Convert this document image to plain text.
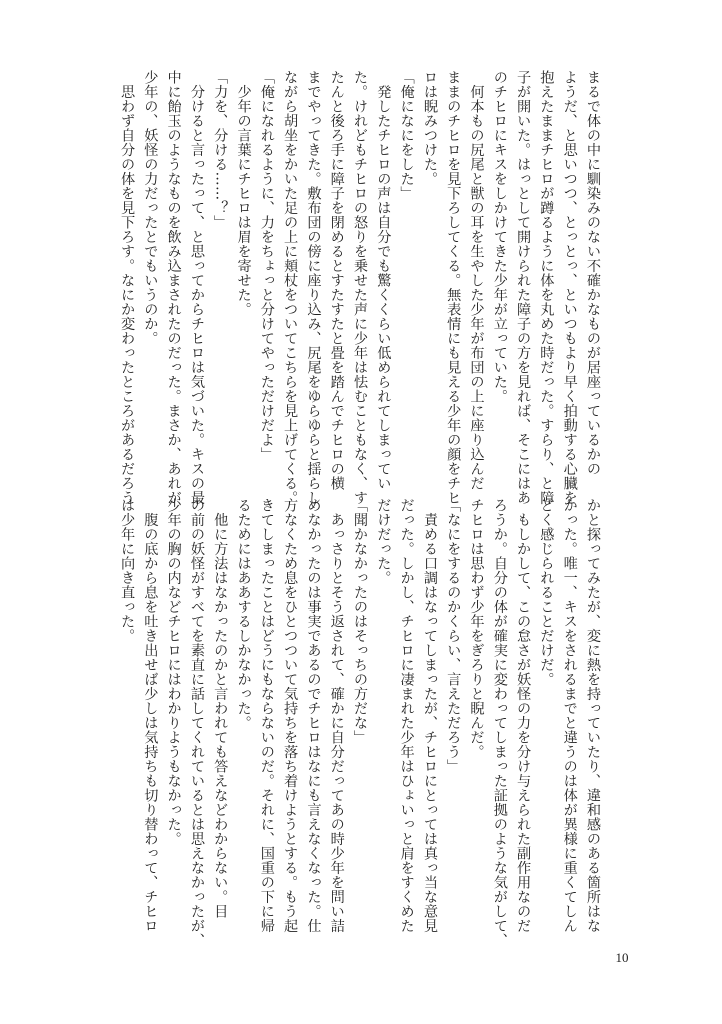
まるで体の中に馴染みのない不確かなものが居座っているかの
ようだ、と思いつつ、とっとっ、といつもより早く拍動する心臓を
抱えたままチヒロが蹲るように体を丸めた時だった。すらり、と障
子が開いた。はっとして開けられた障子の方を見れば、そこにはあ
のチヒロにキスをしかけてきた少年が立っていた。
　何本もの尻尾と獣の耳を生やした少年が布団の上に座り込んだ
ままのチヒロを見下ろしてくる。無表情にも見える少年の顔をチヒ
ロは睨みつけた。
「俺になにをした」
　発したチヒロの声は自分でも驚くくらい低められてしまってい
た。けれどもチヒロの怒りを乗せた声に少年は怯むこともなく、す
たんと後ろ手に障子を閉めるとすたすたと畳を踏んでチヒロの横
までやってきた。敷布団の傍に座り込み、尻尾をゆらゆらと揺らし
ながら胡坐をかいた足の上に頬杖をついてこちらを見上げてくる。
「俺になれるように、力をちょっと分けてやっただけだよ」
　少年の言葉にチヒロは眉を寄せた。
「力を、分ける……？」
　分けると言ったって、と思ってからチヒロは気づいた。キスの最
中に飴玉のようなものを飲み込まされたのだった。まさか、あれが
少年の、妖怪の力だったとでもいうのか。
　思わず自分の体を見下ろす。なにか変わったところがあるだろう
かと探ってみたが、変に熱を持っていたり、違和感のある箇所はな
かった。唯一、キスをされるまでと違うのは体が異様に重くてしん
どく感じられることだけだ。
　もしかして、この怠さが妖怪の力を分け与えられた副作用なのだ
ろうか。自分の体が確実に変わってしまった証拠のような気がして、
チヒロは思わず少年をぎろりと睨んだ。
「なにをするのかくらい、言えただろう」
　責める口調はなってしまったが、チヒロにとっては真っ当な意見
だった。しかし、チヒロに凄まれた少年はひょいっと肩をすくめた
だけだった。
「聞かなかったのはそっちの方だな」
　あっさりとそう返されて、確かに自分だってあの時少年を問い詰
めなかったのは事実であるのでチヒロはなにも言えなくなった。仕
方なくため息をひとつついて気持ちを落ち着けようとする。もう起
きてしまったことはどうにもならないのだ。それに、国重の下に帰
るためにはああするしかなかった。
　他に方法はなかったのかと言われても答えなどわからない。目
の前の妖怪がすべてを素直に話してくれているとは思えなかったが、
少年の胸の内などチヒロにはわかりようもなかった。
　腹の底から息を吐き出せば少しは気持ちも切り替わって、チヒロ
は少年に向き直った。
10
